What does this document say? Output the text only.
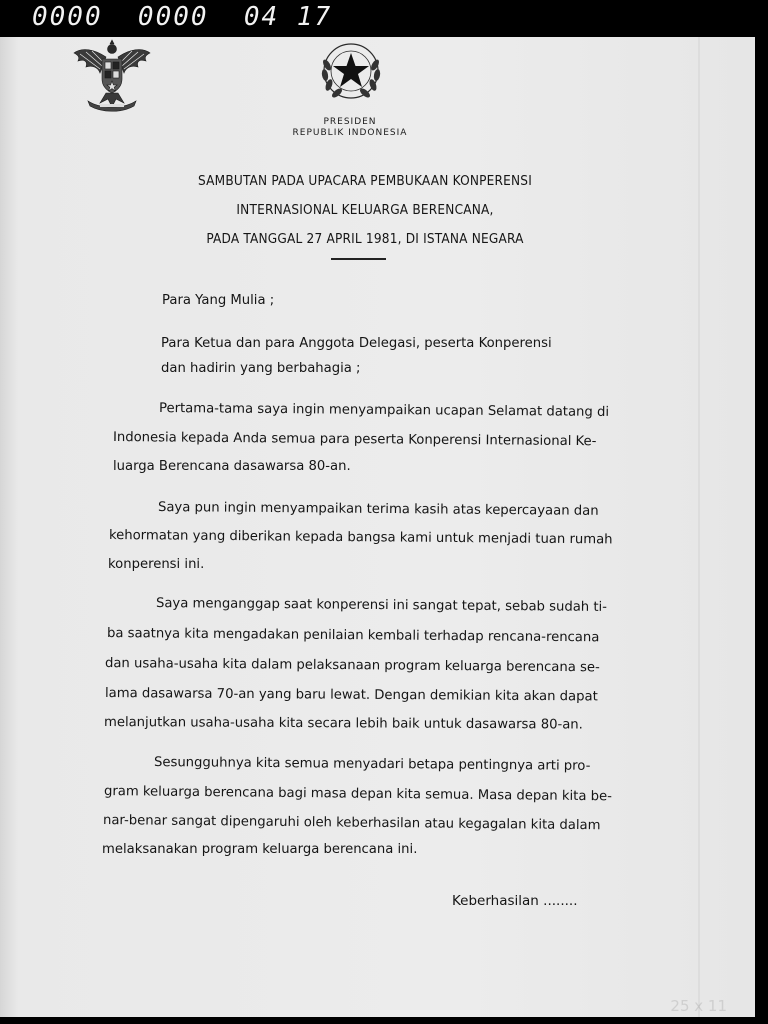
0000  0000  04 17
PRESIDEN
REPUBLIK INDONESIA
SAMBUTAN PADA UPACARA PEMBUKAAN KONPERENSI
INTERNASIONAL KELUARGA BERENCANA,
PADA TANGGAL 27 APRIL 1981, DI ISTANA NEGARA
Para Yang Mulia ;
Para Ketua dan para Anggota Delegasi, peserta Konperensi
dan hadirin yang berbahagia ;
Pertama-tama saya ingin menyampaikan ucapan Selamat datang di
Indonesia kepada Anda semua para peserta Konperensi Internasional Ke-
luarga Berencana dasawarsa 80-an.
Saya pun ingin menyampaikan terima kasih atas kepercayaan dan
kehormatan yang diberikan kepada bangsa kami untuk menjadi tuan rumah
konperensi ini.
Saya menganggap saat konperensi ini sangat tepat, sebab sudah ti-
ba saatnya kita mengadakan penilaian kembali terhadap rencana-rencana
dan usaha-usaha kita dalam pelaksanaan program keluarga berencana se-
lama dasawarsa 70-an yang baru lewat. Dengan demikian kita akan dapat
melanjutkan usaha-usaha kita secara lebih baik untuk dasawarsa 80-an.
Sesungguhnya kita semua menyadari betapa pentingnya arti pro-
gram keluarga berencana bagi masa depan kita semua. Masa depan kita be-
nar-benar sangat dipengaruhi oleh keberhasilan atau kegagalan kita dalam
melaksanakan program keluarga berencana ini.
Keberhasilan ........
25 x 11
